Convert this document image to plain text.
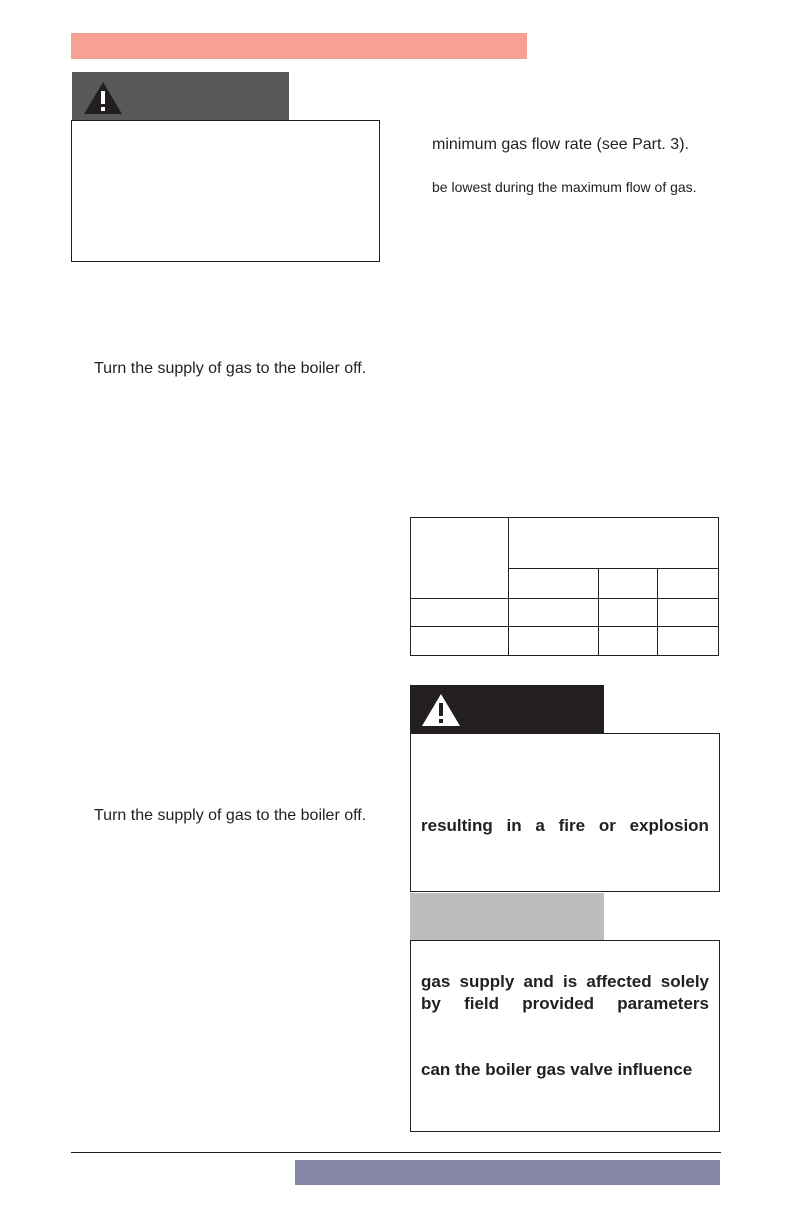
Turn the supply of gas to the boiler off.
Turn the supply of gas to the boiler off.
minimum gas flow rate (see Part. 3).
be lowest during the maximum flow of gas.

resulting in a fire or explosion
gas supply and is affected solely
by field provided parameters
can the boiler gas valve influence
